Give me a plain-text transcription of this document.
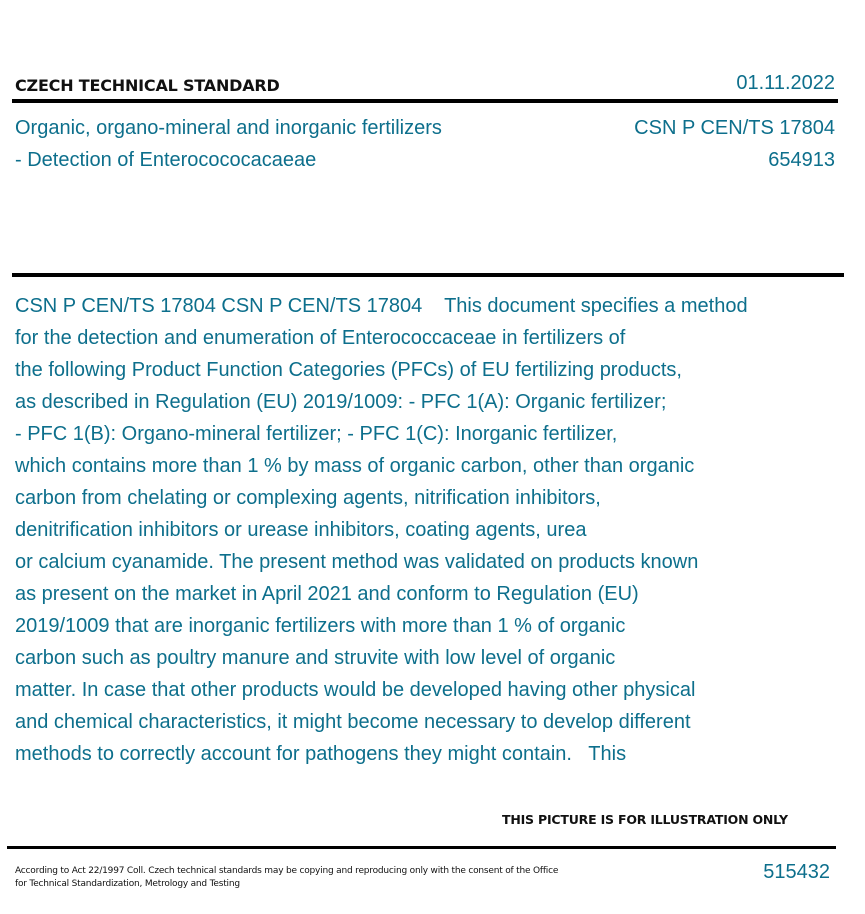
CZECH TECHNICAL STANDARD	01.11.2022
Organic, organo-mineral and inorganic fertilizers
- Detection of Enterocococacaeae
CSN P CEN/TS 17804
654913
CSN P CEN/TS 17804 CSN P CEN/TS 17804    This document specifies a method
for the detection and enumeration of Enterococcaceae in fertilizers of
the following Product Function Categories (PFCs) of EU fertilizing products,
as described in Regulation (EU) 2019/1009: - PFC 1(A): Organic fertilizer;
- PFC 1(B): Organo-mineral fertilizer; - PFC 1(C): Inorganic fertilizer,
which contains more than 1 % by mass of organic carbon, other than organic
carbon from chelating or complexing agents, nitrification inhibitors,
denitrification inhibitors or urease inhibitors, coating agents, urea
or calcium cyanamide. The present method was validated on products known
as present on the market in April 2021 and conform to Regulation (EU)
2019/1009 that are inorganic fertilizers with more than 1 % of organic
carbon such as poultry manure and struvite with low level of organic
matter. In case that other products would be developed having other physical
and chemical characteristics, it might become necessary to develop different
methods to correctly account for pathogens they might contain.   This
THIS PICTURE IS FOR ILLUSTRATION ONLY
According to Act 22/1997 Coll. Czech technical standards may be copying and reproducing only with the consent of the Office
for Technical Standardization, Metrology and Testing
515432
